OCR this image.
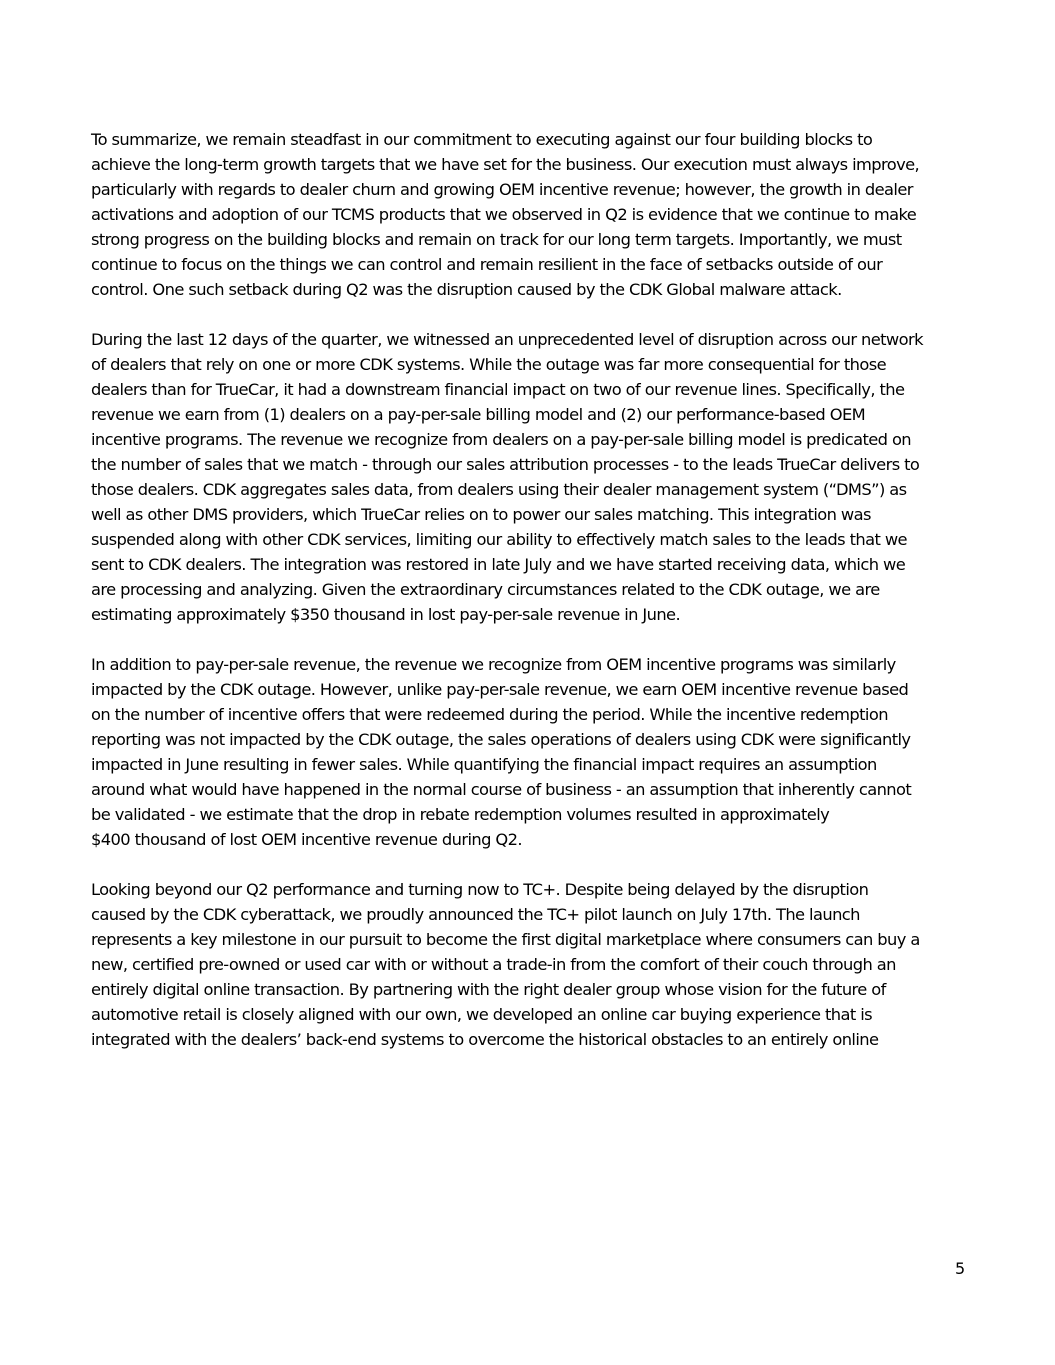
To summarize, we remain steadfast in our commitment to executing against our four building blocks to
achieve the long-term growth targets that we have set for the business. Our execution must always improve,
particularly with regards to dealer churn and growing OEM incentive revenue; however, the growth in dealer
activations and adoption of our TCMS products that we observed in Q2 is evidence that we continue to make
strong progress on the building blocks and remain on track for our long term targets. Importantly, we must
continue to focus on the things we can control and remain resilient in the face of setbacks outside of our
control. One such setback during Q2 was the disruption caused by the CDK Global malware attack.

During the last 12 days of the quarter, we witnessed an unprecedented level of disruption across our network
of dealers that rely on one or more CDK systems. While the outage was far more consequential for those
dealers than for TrueCar, it had a downstream financial impact on two of our revenue lines. Specifically, the
revenue we earn from (1) dealers on a pay-per-sale billing model and (2) our performance-based OEM
incentive programs. The revenue we recognize from dealers on a pay-per-sale billing model is predicated on
the number of sales that we match - through our sales attribution processes - to the leads TrueCar delivers to
those dealers. CDK aggregates sales data, from dealers using their dealer management system (“DMS”) as
well as other DMS providers, which TrueCar relies on to power our sales matching. This integration was
suspended along with other CDK services, limiting our ability to effectively match sales to the leads that we
sent to CDK dealers. The integration was restored in late July and we have started receiving data, which we
are processing and analyzing. Given the extraordinary circumstances related to the CDK outage, we are
estimating approximately $350 thousand in lost pay-per-sale revenue in June.

In addition to pay-per-sale revenue, the revenue we recognize from OEM incentive programs was similarly
impacted by the CDK outage. However, unlike pay-per-sale revenue, we earn OEM incentive revenue based
on the number of incentive offers that were redeemed during the period. While the incentive redemption
reporting was not impacted by the CDK outage, the sales operations of dealers using CDK were significantly
impacted in June resulting in fewer sales. While quantifying the financial impact requires an assumption
around what would have happened in the normal course of business - an assumption that inherently cannot
be validated - we estimate that the drop in rebate redemption volumes resulted in approximately
$400 thousand of lost OEM incentive revenue during Q2.

Looking beyond our Q2 performance and turning now to TC+. Despite being delayed by the disruption
caused by the CDK cyberattack, we proudly announced the TC+ pilot launch on July 17th. The launch
represents a key milestone in our pursuit to become the first digital marketplace where consumers can buy a
new, certified pre-owned or used car with or without a trade-in from the comfort of their couch through an
entirely digital online transaction. By partnering with the right dealer group whose vision for the future of
automotive retail is closely aligned with our own, we developed an online car buying experience that is
integrated with the dealers’ back-end systems to overcome the historical obstacles to an entirely online

5
